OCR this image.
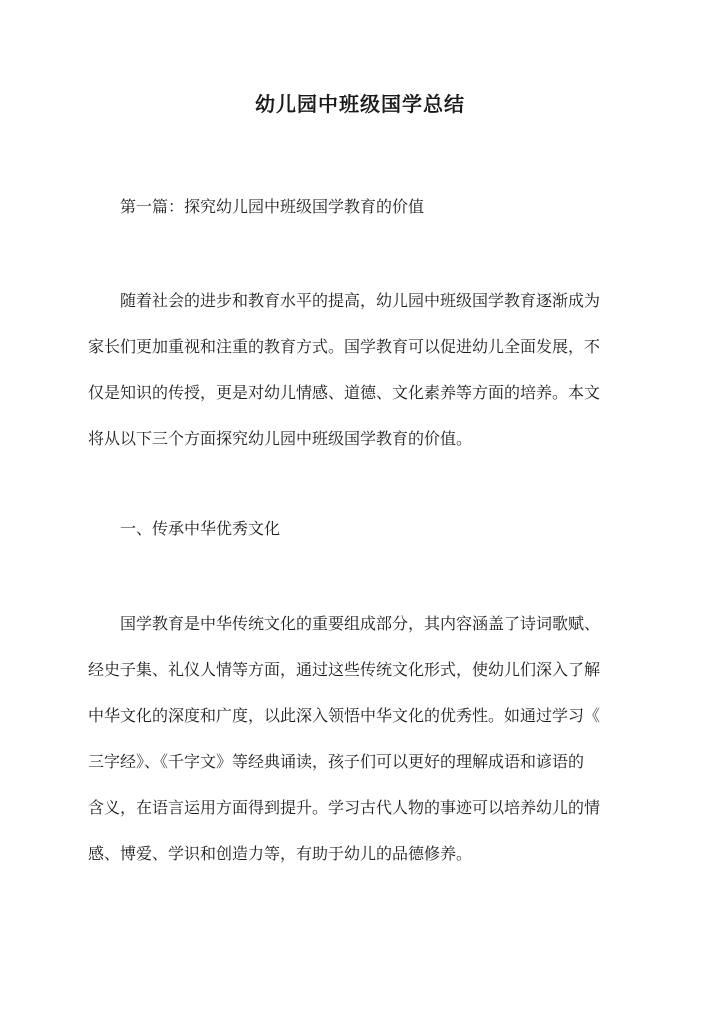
幼儿园中班级国学总结
第一篇：探究幼儿园中班级国学教育的价值
随着社会的进步和教育水平的提高，幼儿园中班级国学教育逐渐成为
家长们更加重视和注重的教育方式。国学教育可以促进幼儿全面发展，不
仅是知识的传授，更是对幼儿情感、道德、文化素养等方面的培养。本文
将从以下三个方面探究幼儿园中班级国学教育的价值。
一、传承中华优秀文化
国学教育是中华传统文化的重要组成部分，其内容涵盖了诗词歌赋、
经史子集、礼仪人情等方面，通过这些传统文化形式，使幼儿们深入了解
中华文化的深度和广度，以此深入领悟中华文化的优秀性。如通过学习《
三字经》、《千字文》等经典诵读，孩子们可以更好的理解成语和谚语的
含义，在语言运用方面得到提升。学习古代人物的事迹可以培养幼儿的情
感、博爱、学识和创造力等，有助于幼儿的品德修养。
